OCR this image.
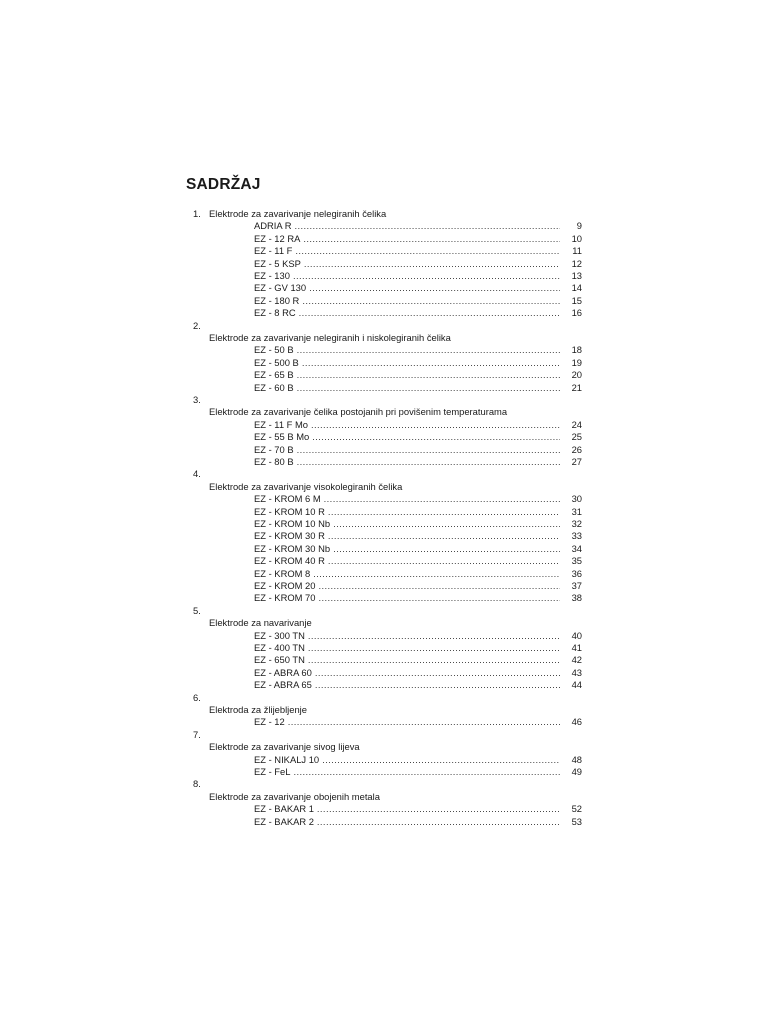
SADRŽAJ
1. Elektrode za zavarivanje nelegiranih čelika
ADRIA R .....	9
EZ - 12 RA .....	10
EZ - 11 F .....	11
EZ - 5 KSP .....	12
EZ - 130 .....	13
EZ - GV 130 .....	14
EZ - 180 R .....	15
EZ - 8 RC .....	16
2.
Elektrode za zavarivanje nelegiranih i niskolegiranih čelika
EZ - 50 B .....	18
EZ - 500 B .....	19
EZ - 65 B .....	20
EZ - 60 B .....	21
3.
Elektrode za zavarivanje čelika postojanih pri povišenim temperaturama
EZ - 11 F Mo .....	24
EZ - 55 B Mo .....	25
EZ - 70 B .....	26
EZ - 80 B .....	27
4.
Elektrode za zavarivanje visokolegiranih čelika
EZ - KROM 6 M .....	30
EZ - KROM 10 R .....	31
EZ - KROM 10 Nb .....	32
EZ - KROM 30 R .....	33
EZ - KROM 30 Nb .....	34
EZ - KROM 40 R .....	35
EZ - KROM 8 .....	36
EZ - KROM 20 .....	37
EZ - KROM 70 .....	38
5.
Elektrode za navarivanje
EZ - 300 TN .....	40
EZ - 400 TN .....	41
EZ - 650 TN .....	42
EZ - ABRA 60 .....	43
EZ - ABRA 65 .....	44
6.
Elektroda za žlijebljenje
EZ - 12 .....	46
7.
Elektrode za zavarivanje sivog lijeva
EZ - NIKALJ 10 .....	48
EZ - FeL .....	49
8.
Elektrode za zavarivanje obojenih metala
EZ - BAKAR 1 .....	52
EZ - BAKAR 2 .....	53
